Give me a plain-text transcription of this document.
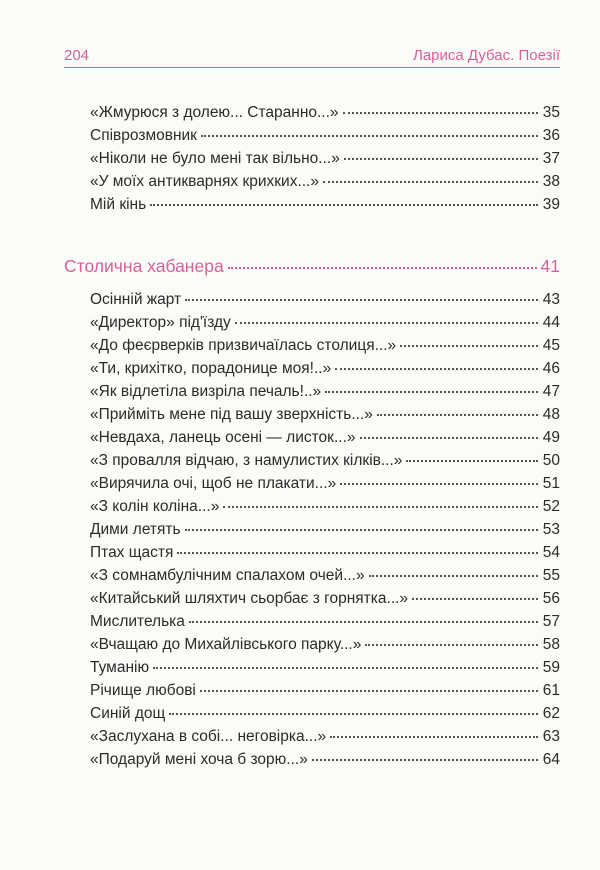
204	Лариса Дубас. Поезії
«Жмурюся з долею... Старанно...»	35
Співрозмовник	36
«Ніколи не було мені так вільно...»	37
«У моїх антикварнях крихких...»	38
Мій кінь	39
Столична хабанера	41
Осінній жарт	43
«Директор» під'їзду	44
«До феєрверків призвичаїлась столиця...»	45
«Ти, крихітко, порадонице моя!..»	46
«Як відлетіла визріла печаль!..»	47
«Прийміть мене під вашу зверхність...»	48
«Невдаха, ланець осені — листок...»	49
«З провалля відчаю, з намулистих кілків...»	50
«Вирячила очі, щоб не плакати...»	51
«З колін коліна...»	52
Дими летять	53
Птах щастя	54
«З сомнамбулічним спалахом очей...»	55
«Китайський шляхтич сьорбає з горнятка...»	56
Мислителька	57
«Вчащаю до Михайлівського парку...»	58
Туманію	59
Річище любові	61
Синій дощ	62
«Заслухана в собі... неговірка...»	63
«Подаруй мені хоча б зорю...»	64
